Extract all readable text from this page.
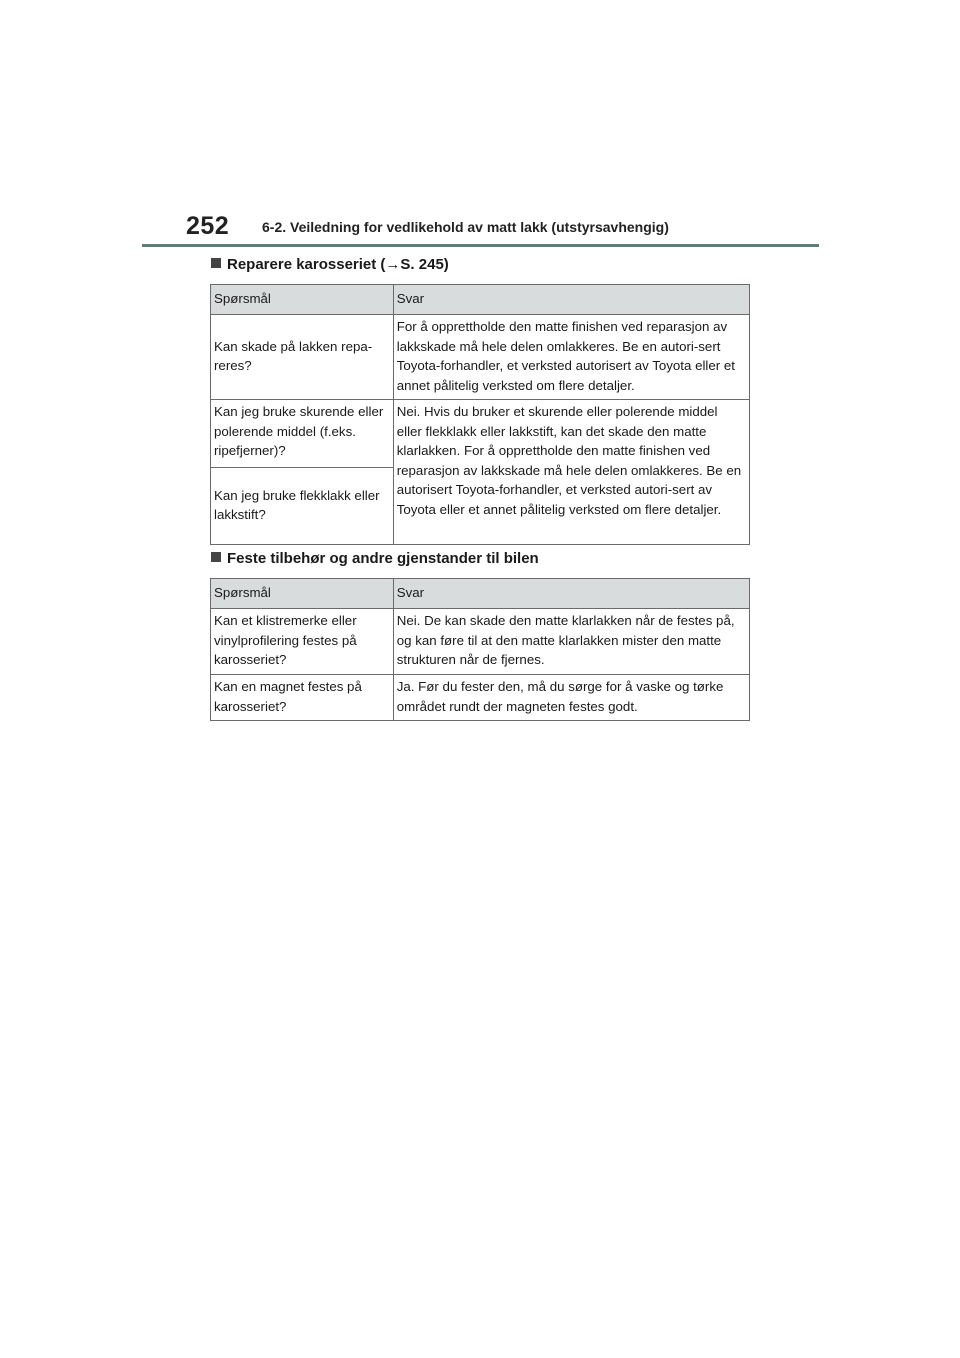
252 6-2. Veiledning for vedlikehold av matt lakk (utstyrsavhengig)
Reparere karosseriet (→S. 245)
Spørsmål	Svar
Kan skade på lakken repa-reres?	For å opprettholde den matte finishen ved reparasjon av lakkskade må hele delen omlakkeres. Be en autori-sert Toyota-forhandler, et verksted autorisert av Toyota eller et annet pålitelig verksted om flere detaljer.
Kan jeg bruke skurende eller polerende middel (f.eks. ripefjerner)?	Nei. Hvis du bruker et skurende eller polerende middel eller flekklakk eller lakkstift, kan det skade den matte klarlakken. For å opprettholde den matte finishen ved reparasjon av lakkskade må hele delen omlakkeres. Be en autorisert Toyota-forhandler, et verksted autori-sert av Toyota eller et annet pålitelig verksted om flere detaljer.
Kan jeg bruke flekklakk eller lakkstift?	
Feste tilbehør og andre gjenstander til bilen
Spørsmål	Svar
Kan et klistremerke eller vinylprofilering festes på karosseriet?	Nei. De kan skade den matte klarlakken når de festes på, og kan føre til at den matte klarlakken mister den matte strukturen når de fjernes.
Kan en magnet festes på karosseriet?	Ja. Før du fester den, må du sørge for å vaske og tørke området rundt der magneten festes godt.
